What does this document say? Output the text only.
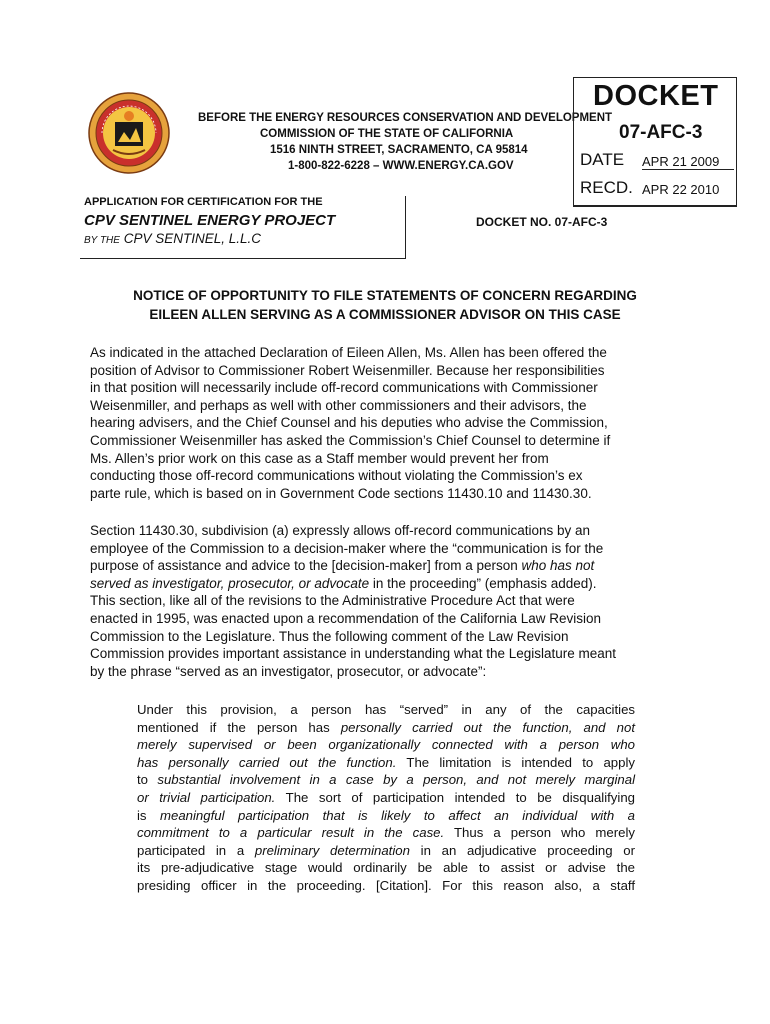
BEFORE THE ENERGY RESOURCES CONSERVATION AND DEVELOPMENT
COMMISSION OF THE STATE OF CALIFORNIA
1516 NINTH STREET, SACRAMENTO, CA 95814
1-800-822-6228 – WWW.ENERGY.CA.GOV
DOCKET
07-AFC-3
DATE APR 21 2009
RECD. APR 22 2010
APPLICATION FOR CERTIFICATION FOR THE
CPV SENTINEL ENERGY PROJECT
BY THE CPV SENTINEL, L.L.C
DOCKET NO. 07-AFC-3
NOTICE OF OPPORTUNITY TO FILE STATEMENTS OF CONCERN REGARDING
EILEEN ALLEN SERVING AS A COMMISSIONER ADVISOR ON THIS CASE
As indicated in the attached Declaration of Eileen Allen, Ms. Allen has been offered the
position of Advisor to Commissioner Robert Weisenmiller. Because her responsibilities
in that position will necessarily include off-record communications with Commissioner
Weisenmiller, and perhaps as well with other commissioners and their advisors, the
hearing advisers, and the Chief Counsel and his deputies who advise the Commission,
Commissioner Weisenmiller has asked the Commission’s Chief Counsel to determine if
Ms. Allen’s prior work on this case as a Staff member would prevent her from
conducting those off-record communications without violating the Commission’s ex
parte rule, which is based on in Government Code sections 11430.10 and 11430.30.
Section 11430.30, subdivision (a) expressly allows off-record communications by an
employee of the Commission to a decision-maker where the “communication is for the
purpose of assistance and advice to the [decision-maker] from a person who has not
served as investigator, prosecutor, or advocate in the proceeding” (emphasis added).
This section, like all of the revisions to the Administrative Procedure Act that were
enacted in 1995, was enacted upon a recommendation of the California Law Revision
Commission to the Legislature. Thus the following comment of the Law Revision
Commission provides important assistance in understanding what the Legislature meant
by the phrase “served as an investigator, prosecutor, or advocate”:
Under this provision, a person has “served” in any of the capacities
mentioned if the person has personally carried out the function, and not
merely supervised or been organizationally connected with a person who
has personally carried out the function. The limitation is intended to apply
to substantial involvement in a case by a person, and not merely marginal
or trivial participation. The sort of participation intended to be disqualifying
is meaningful participation that is likely to affect an individual with a
commitment to a particular result in the case. Thus a person who merely
participated in a preliminary determination in an adjudicative proceeding or
its pre-adjudicative stage would ordinarily be able to assist or advise the
presiding officer in the proceeding. [Citation]. For this reason also, a staff
